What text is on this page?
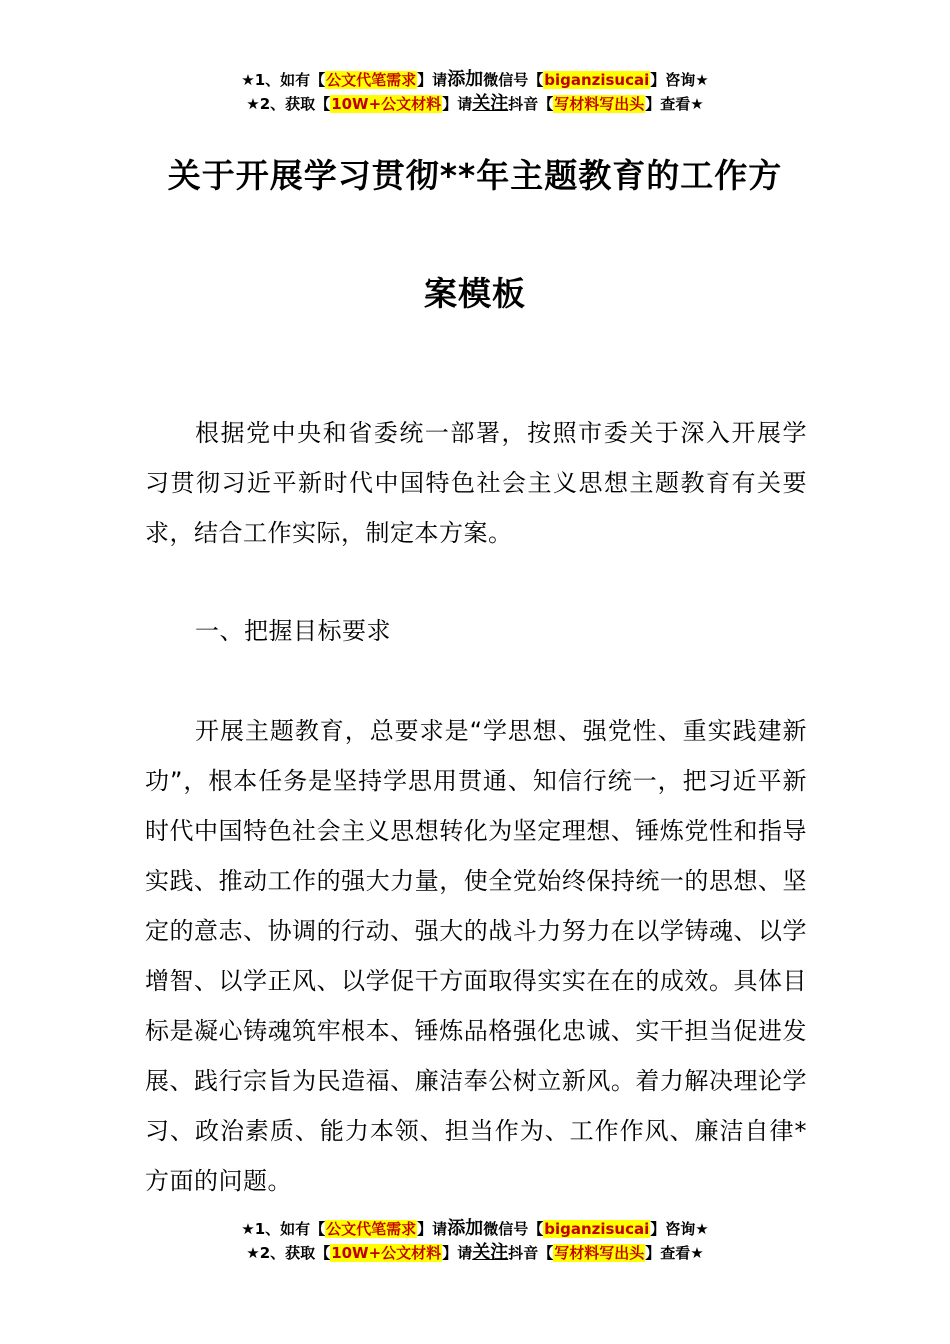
★1、如有【公文代笔需求】请添加微信号【biganzisucai】咨询★
★2、获取【10W+公文材料】请关注抖音【写材料写出头】查看★
关于开展学习贯彻**年主题教育的工作方
案模板

根据党中央和省委统一部署，按照市委关于深入开展学习贯彻习近平新时代中国特色社会主义思想主题教育有关要求，结合工作实际，制定本方案。

一、把握目标要求

开展主题教育，总要求是“学思想、强党性、重实践建新功”，根本任务是坚持学思用贯通、知信行统一，把习近平新时代中国特色社会主义思想转化为坚定理想、锤炼党性和指导实践、推动工作的强大力量，使全党始终保持统一的思想、坚定的意志、协调的行动、强大的战斗力努力在以学铸魂、以学增智、以学正风、以学促干方面取得实实在在的成效。具体目标是凝心铸魂筑牢根本、锤炼品格强化忠诚、实干担当促进发展、践行宗旨为民造福、廉洁奉公树立新风。着力解决理论学习、政治素质、能力本领、担当作为、工作作风、廉洁自律*方面的问题。

★1、如有【公文代笔需求】请添加微信号【biganzisucai】咨询★
★2、获取【10W+公文材料】请关注抖音【写材料写出头】查看★
